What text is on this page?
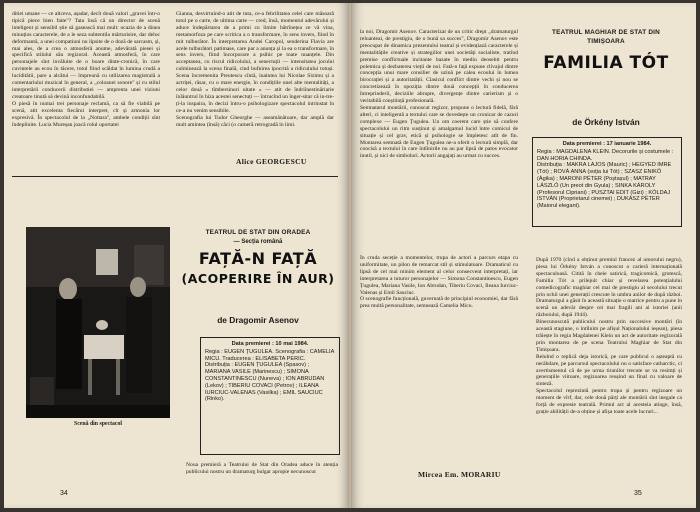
ditiei umane — ce altceva, așadar, decît două valori „gravei într-o tipică piece bien faite"? Tata însă că un director de scenă inteligent și sensibil știe să gasească mai mult: ocazia de a dinea minuțios caracterele, de a le seza subtentila mărturisire, dar deloc deformantă, a unei compatiuni nu lipsite de o doză de sarcasm, și, mai ales, de a crea o atmosferă anume, adevărată piesei și specifică stilului său regizoral. Această atmosferă, în care personajele sînt invăluite de o boare dinte-cronică, în care cuvintele au ecou în tăcere, totul fiind scăldat în lumina crudă a luciditătii, pare a alcătui — împreună cu utilizarea magistrală a comentariului muzical în general, a „coloanei sonore" și cu stilul interpretării conducerii distributiei — amprenta unei viziuni creatoare tinută să devină inconfundabilă.

O piesă în numai trei personaje reclamă, ca să fie viabilă pe scenă, atit excelenta fiecărui interpret, cît și armonia lor expresivă. În spectacolul de la „Nottara", ambele condiții sînt îndeplinite. Lucia Mureșan joacă rolul uportatei

Gianna, desvirtuind-o atit de tuta, ce-a febrilitatea celei care măsoară totul pe o carte, de ultima carte — cred, însă, momentul adevărului și aduce îndepărtarea de a primi cu limite bătrînețea ce vă vina, metamorfoza pe care scritica a o transformare, în sens invers, fiind în mit tulburător. În interpretarea Andei Caropol, senderina Flavia are acele tulburători patimase, care par a anunța și la ea o transformare, în sens invers, fiind încorporare a psihic pe toate nuanțele. Din acceptanea, cu riscul ridicolului, a senectuții — intensitatea jocului culminează la scena finală, cind bufnirea ipocrită a ridiculului totuși. Scena încremenita Preutescu cîntă, inaintea lui Nicolae Sizimu și a actriței, răsar, cu o mare energie, în condițiile unei alte mentalități, a celor două « tîmbersinuri uitate » — atit de îndriînestinăriarie înlăuntrul în hiza acestei senectuți — întrucînd un înger-sitar că in-tre-ți-la inspaira, în decizi întru-o psihologizare spectacolul intrinstat în ce-a nu venim sensibile.

Scenografia lui Tudor Gheorghe — aseamănătoare, dar amplă dar mult amintea (însă) căci (o cameră retrogradă în limi.

Alice GEORGESCU
Scenă din spectacol
TEATRUL DE STAT DIN ORADEA
— Secția română
FAȚĂ-N FAȚĂ
(ACOPERIRE ÎN AUR)
de Dragomir Asenov

Data premierei : 10 mai 1984.

Regia : EUGEN ȚUGULEA. Scenografia : CAMELIA MICU. Traducerea : ELISABETA PERIC.

Distribuția : EUGEN ȚUGULEA (Spasov) ; MARIANA VASILE (Marinescu) ; SIMONA CONSTANTINESCU (Nuneva) ; ION ABRUDAN (Lekov) ; TIBERIU COVACI (Petrov) ; ILEANA IURCIUC-VALENAS (Vasilka) ; EMIL SAUCIUC (Rinko).

Noua premieră a Teatrului de Stat din Oradea aduce în atenția publicului nostru un dramaturg bulgar apropie necunoscut

34

la noi, Dragomir Asenov. Caracterizat de un critic drept „dramaturgul reluanteai, de prestigiu, de o bună sa succes", Dragomir Asenov este preocupat de dinamica prezentului teatral și evidențiază caracterele și mentalitățile creative și strategiilor unei societăți socialiste, tratînd premise conflictuale incitante bazate în mediu deosebit pentru polemica și dezbaterea vieții de noi. Fată-n față expune clivajul dintre concepția unui mare consilier de uzină pe calea ecoului în lumea birocrației și a autoritatății. Clasicul conflict dintre vechi și nou se concretizează în opoziția dintre două concepții în conducerea întreprinderii, deciziile abrupte, divergențe dintre carierism și o veritabilă conștiință profesională.

Semnatarul montării, cunoscut regizor, propune o lectură fidelă, fără alteri, ci inteligentă a textului care se dovedește un cronicar de cazuri complexe — Eugen Țugulea. Un om coerent care știe să confere spectacolului un ritm susținut și amalgamul lucid între comicul de situație și cel grav, etică și psihologie se împletesc atît de fin. Montarea semnată de Eugen Țugulea ne-a oferit o lectură simplă, dar concisă a textului în care întîlnirile nu au par lipsă de patos evocator inutil, și nici de simboluri. Actorii angajați au urmat cu succes.

În cruda seceție a momentelor, trupa de actori a parcurs etapa cu uniformitate, un pilon de remarcat stil și stimulatoare. Dramaticul cu lipsă de cel mai minim element al celor consecvent interpretați, iar interpretarea a tuturor personajelor — Simona Constantinescu, Eugen Țugulea, Mariana Vasile, Ion Abrudan, Tiberiu Covaci, Ileana Iurciuc-Valenas și Emil Sauciuc.

O scenografie funcțională, guvernată de principiul economiei, dar fără prea multă personalitate, semnează Camelia Micu.

Mircea Em. MORARIU
TEATRUL MAGHIAR DE STAT DIN
TIMIȘOARA
FAMILIA TÓT
de Örkény István

Data premierei : 17 ianuarie 1984.

Regia : MAGDALENA KLEIN. Decorurile și costumele : DAN HORIA CHINDA.

Distribuția : MAKRA LAJOS (Mauric) ; HEGYED IMRE (Tót) ; ROVÁ ANNA (soția lui Tót) ; SZASZ ENIKŐ (Ágika) ; MARONI PÉTER (Poștașul) ; MATRAY LÁSZLÓ (Un preot din Gyula) ; SINKA KÁROLY (Profesorul Cipriani) ; PUSZTAI EDIT (Gizi) ; KÓLDAJ ISTVÁN (Proprietarul cinemei) ; DUKÁSZ PÉTER (Maiorul elegant).

După 1970 (cînd a obținut premiul francez al umorului negru), piesa lui Örkény István a cunoscut o carieră internațională spectaculoasă. Citită în cheie satirică, tragicomică, grotescă, Familia Tót a prilejuit chiar și revelarea potențialului comedicografic maghiar cel mai de prestigiu al secolului trecut prin ochii unei generații crescute în umbra anilor de după război. Dramaturgul a găsit în această situație o matrice pentru a pune în scenă un adevăr despre cei mai fragili ani ai istoriei (anii războiului, după 1944).

Binecunoscută publicului nostru prin succesive montări (în această stagiune, o întîlnim pe afișul Naționalului ieșean), piesa trăiește în regia Magdalenei Klein un act de autoritate regizorală prin montarea de pe scena Teatrului Maghiar de Stat din Timișoara.

Relulnd o replică deja istorică, pe care publicul o așteaptă cu nerăbdare, pe parcursul spectacolului nu o satisface catharctic, ci avertismentul că de pe urma tiranilor trecute se va resimți și generațiile viitoare, regizoarea reușind un final cu valoare de sinteză.

Spectacolul reprezintă pentru trupa și pentru regizoare un moment de vîrf, dar, cele două părți ale montării sînt inegale ca forță de expresie teatrală. Primul act al acesteia atinge, însă, grație abilității de-a obține și afișa toate acele lucruri...

35
